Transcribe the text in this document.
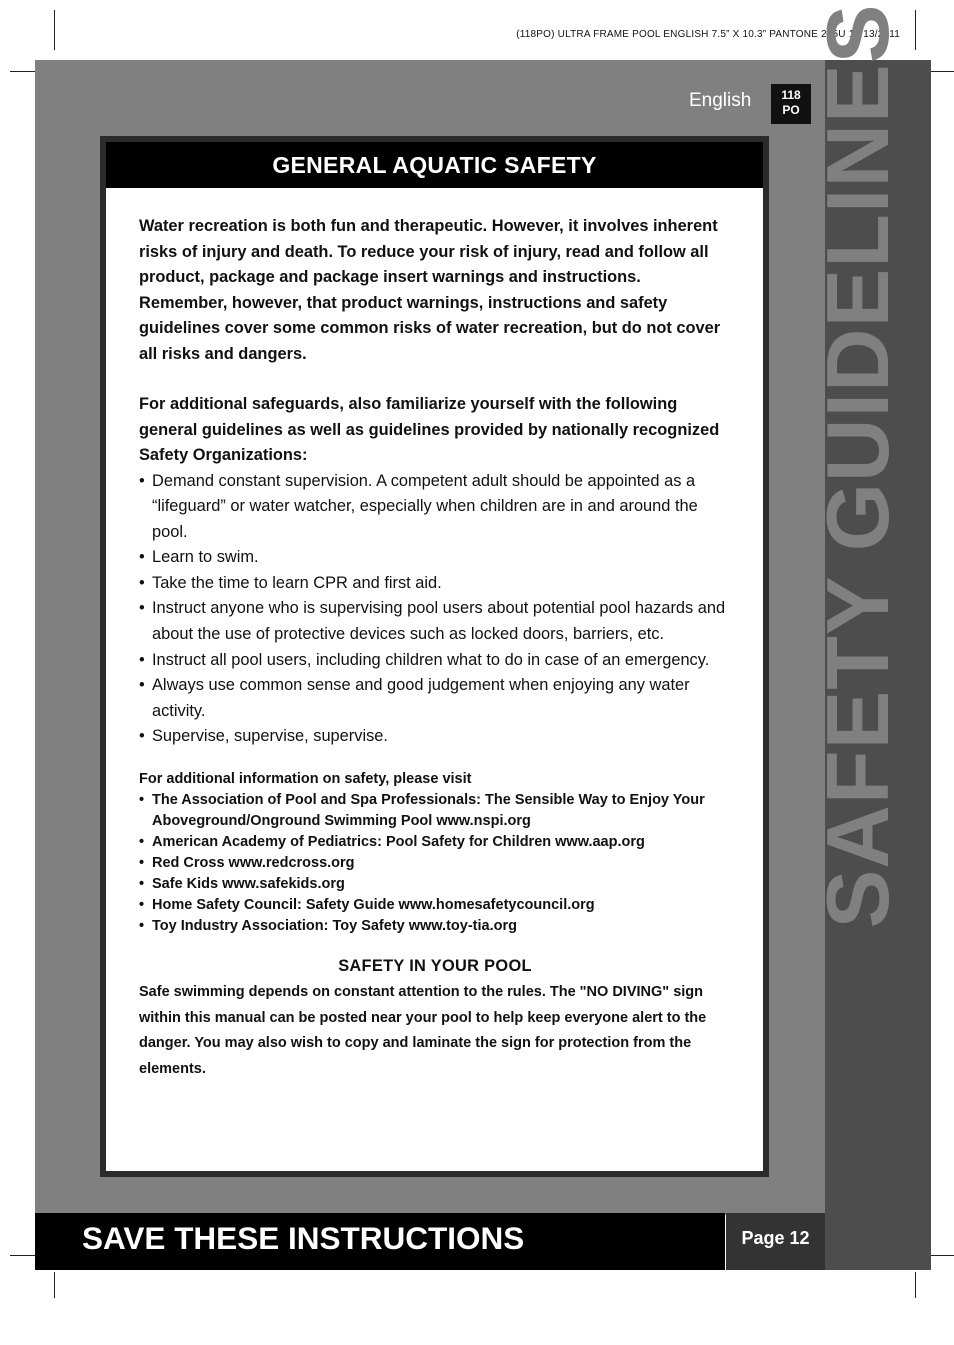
(118PO) ULTRA FRAME POOL ENGLISH 7.5” X 10.3” PANTONE 295U 10/13/2011
English	118
PO SAFETY GUIDELINES
GENERAL AQUATIC SAFETY

Water recreation is both fun and therapeutic. However, it involves inherent risks of injury and death. To reduce your risk of injury, read and follow all product, package and package insert warnings and instructions. Remember, however, that product warnings, instructions and safety guidelines cover some common risks of water recreation, but do not cover all risks and dangers.

For additional safeguards, also familiarize yourself with the following general guidelines as well as guidelines provided by nationally recognized Safety Organizations:

• Demand constant supervision. A competent adult should be appointed as a “lifeguard” or water watcher, especially when children are in and around the pool.
• Learn to swim.
• Take the time to learn CPR and first aid.
• Instruct anyone who is supervising pool users about potential pool hazards and about the use of protective devices such as locked doors, barriers, etc.
• Instruct all pool users, including children what to do in case of an emergency.
• Always use common sense and good judgement when enjoying any water activity.
• Supervise, supervise, supervise.

For additional information on safety, please visit

• The Association of Pool and Spa Professionals: The Sensible Way to Enjoy Your Aboveground/Onground Swimming Pool www.nspi.org
• American Academy of Pediatrics: Pool Safety for Children www.aap.org
• Red Cross www.redcross.org
• Safe Kids www.safekids.org
• Home Safety Council: Safety Guide www.homesafetycouncil.org
• Toy Industry Association: Toy Safety www.toy-tia.org
SAFETY IN YOUR POOL

Safe swimming depends on constant attention to the rules. The "NO DIVING" sign within this manual can be posted near your pool to help keep everyone alert to the danger. You may also wish to copy and laminate the sign for protection from the elements.

SAVE THESE INSTRUCTIONS	Page 12
